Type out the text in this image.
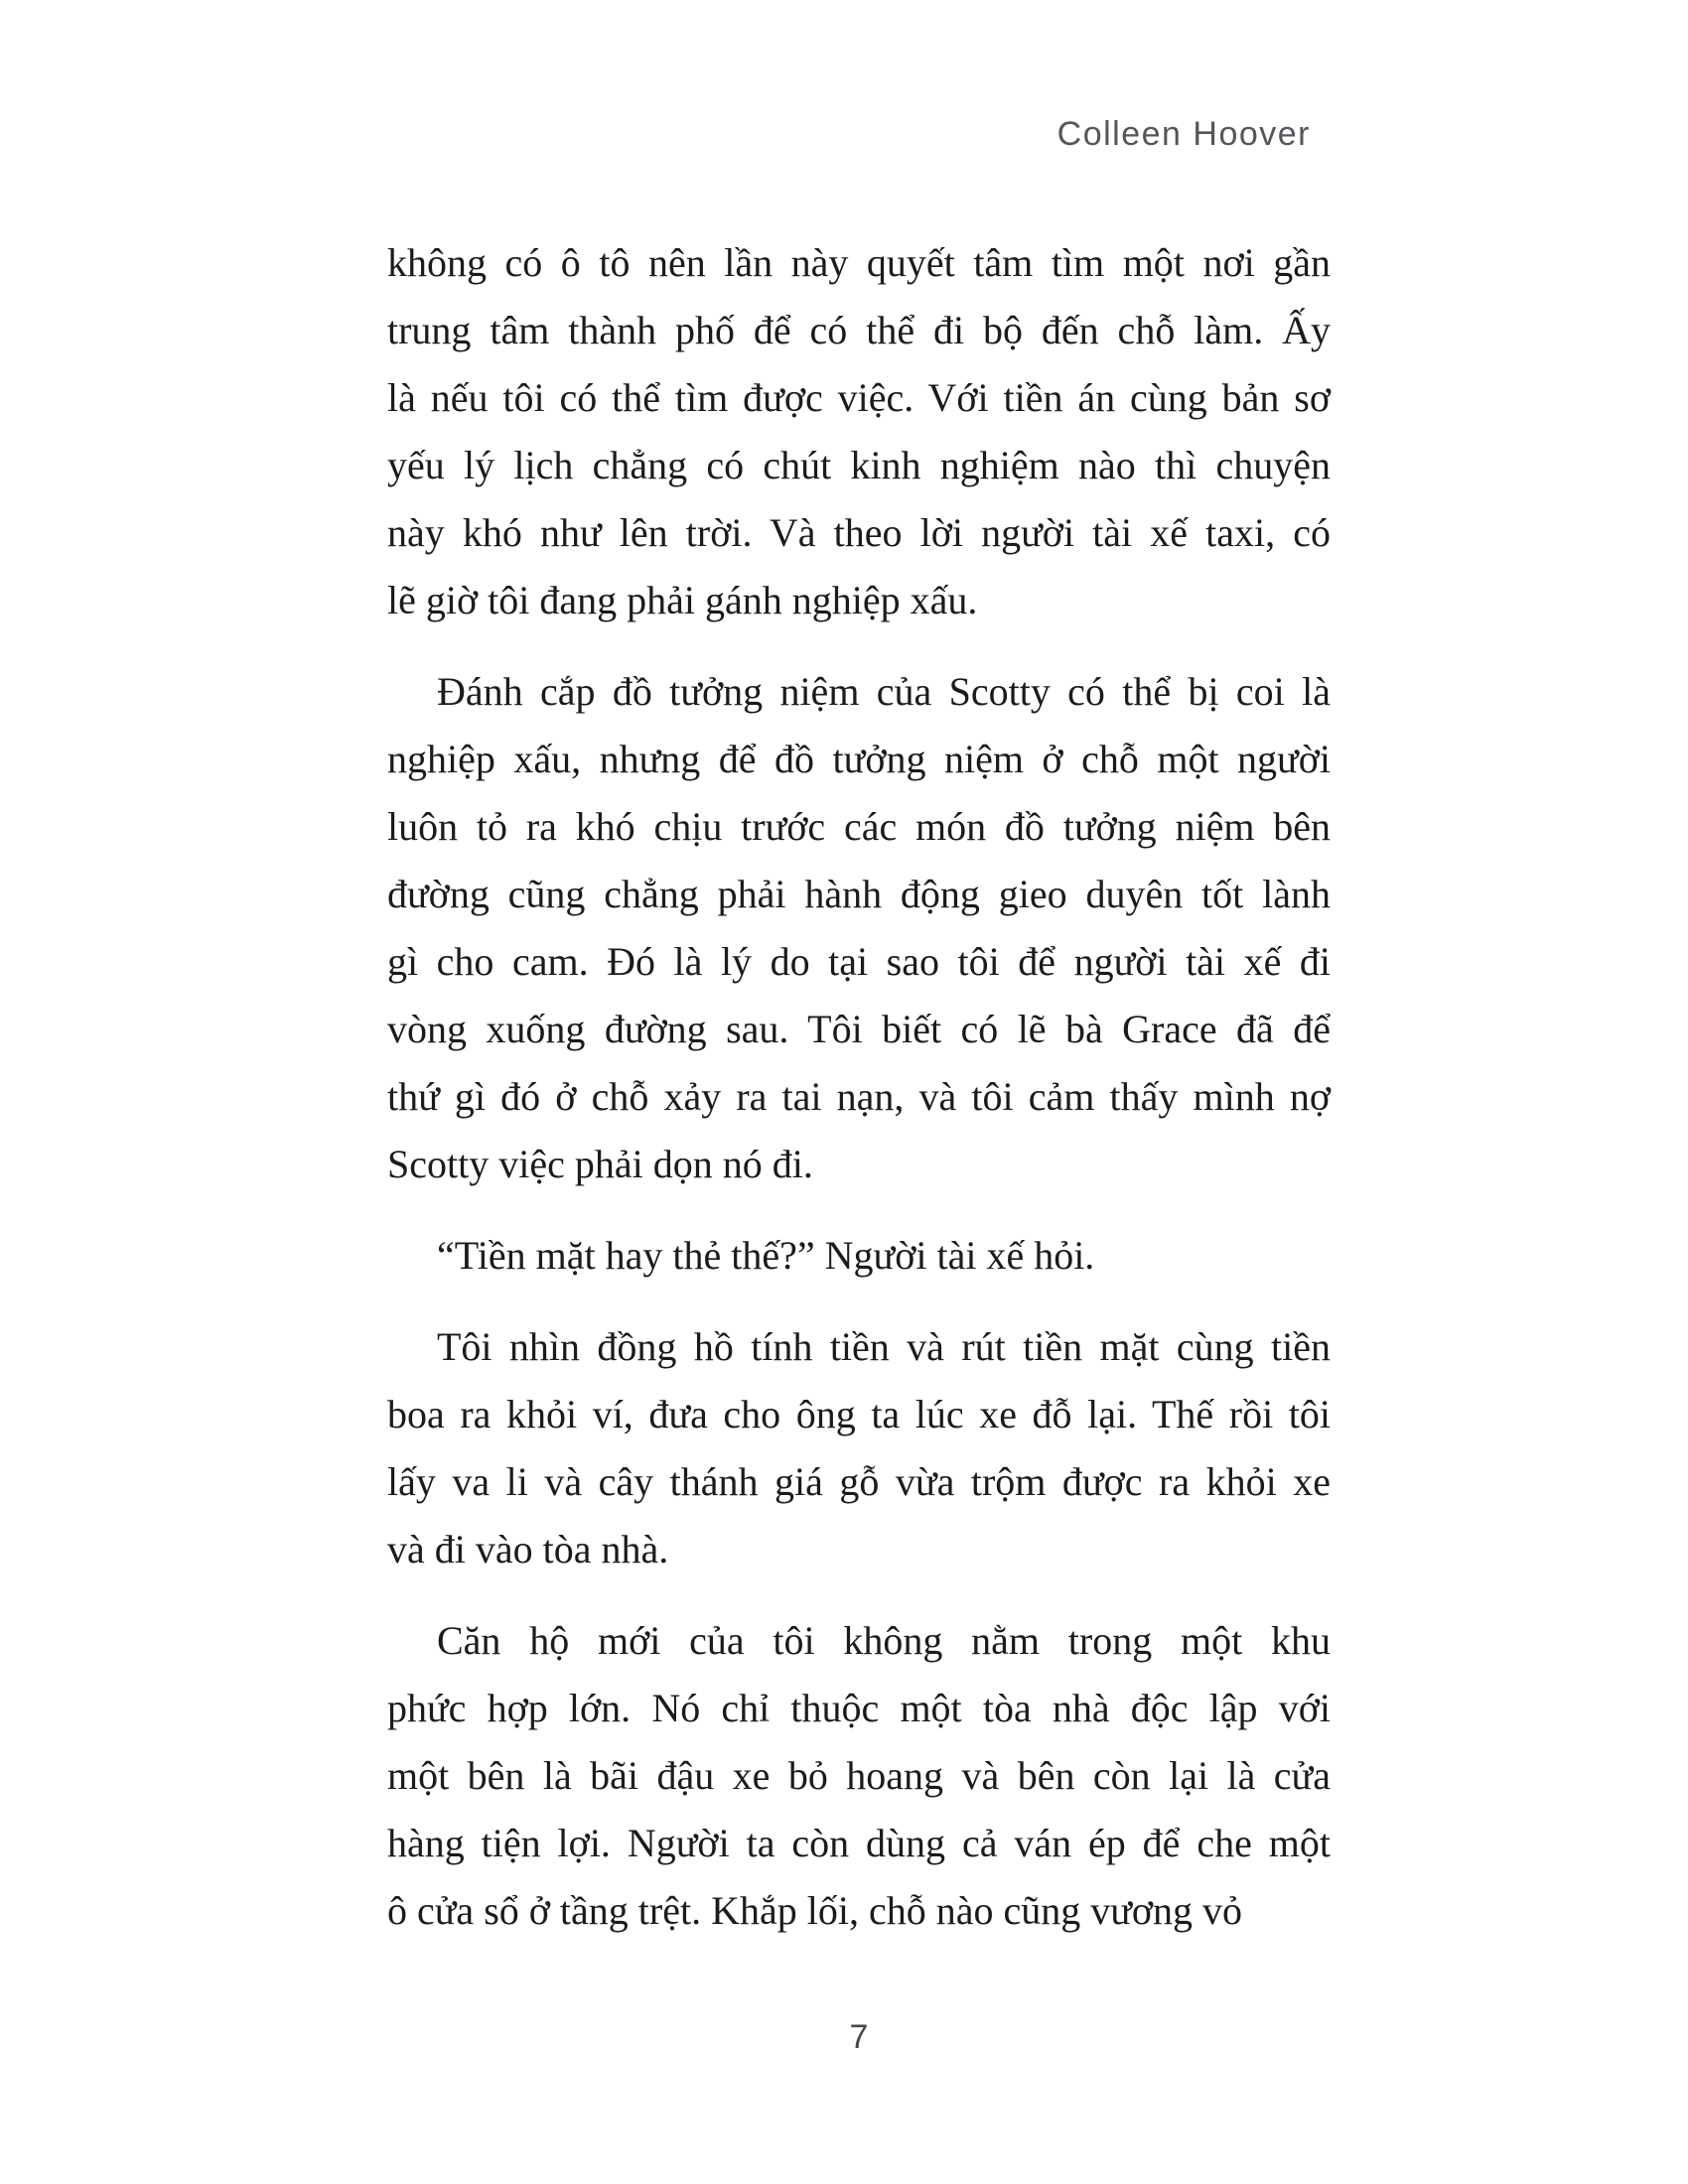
Colleen Hoover

không có ô tô nên lần này quyết tâm tìm một nơi gần
trung tâm thành phố để có thể đi bộ đến chỗ làm. Ấy
là nếu tôi có thể tìm được việc. Với tiền án cùng bản sơ
yếu lý lịch chẳng có chút kinh nghiệm nào thì chuyện
này khó như lên trời. Và theo lời người tài xế taxi, có
lẽ giờ tôi đang phải gánh nghiệp xấu.

Đánh cắp đồ tưởng niệm của Scotty có thể bị coi là
nghiệp xấu, nhưng để đồ tưởng niệm ở chỗ một người
luôn tỏ ra khó chịu trước các món đồ tưởng niệm bên
đường cũng chẳng phải hành động gieo duyên tốt lành
gì cho cam. Đó là lý do tại sao tôi để người tài xế đi
vòng xuống đường sau. Tôi biết có lẽ bà Grace đã để
thứ gì đó ở chỗ xảy ra tai nạn, và tôi cảm thấy mình nợ
Scotty việc phải dọn nó đi.

“Tiền mặt hay thẻ thế?” Người tài xế hỏi.

Tôi nhìn đồng hồ tính tiền và rút tiền mặt cùng tiền
boa ra khỏi ví, đưa cho ông ta lúc xe đỗ lại. Thế rồi tôi
lấy va li và cây thánh giá gỗ vừa trộm được ra khỏi xe
và đi vào tòa nhà.

Căn hộ mới của tôi không nằm trong một khu
phức hợp lớn. Nó chỉ thuộc một tòa nhà độc lập với
một bên là bãi đậu xe bỏ hoang và bên còn lại là cửa
hàng tiện lợi. Người ta còn dùng cả ván ép để che một
ô cửa sổ ở tầng trệt. Khắp lối, chỗ nào cũng vương vỏ

7
